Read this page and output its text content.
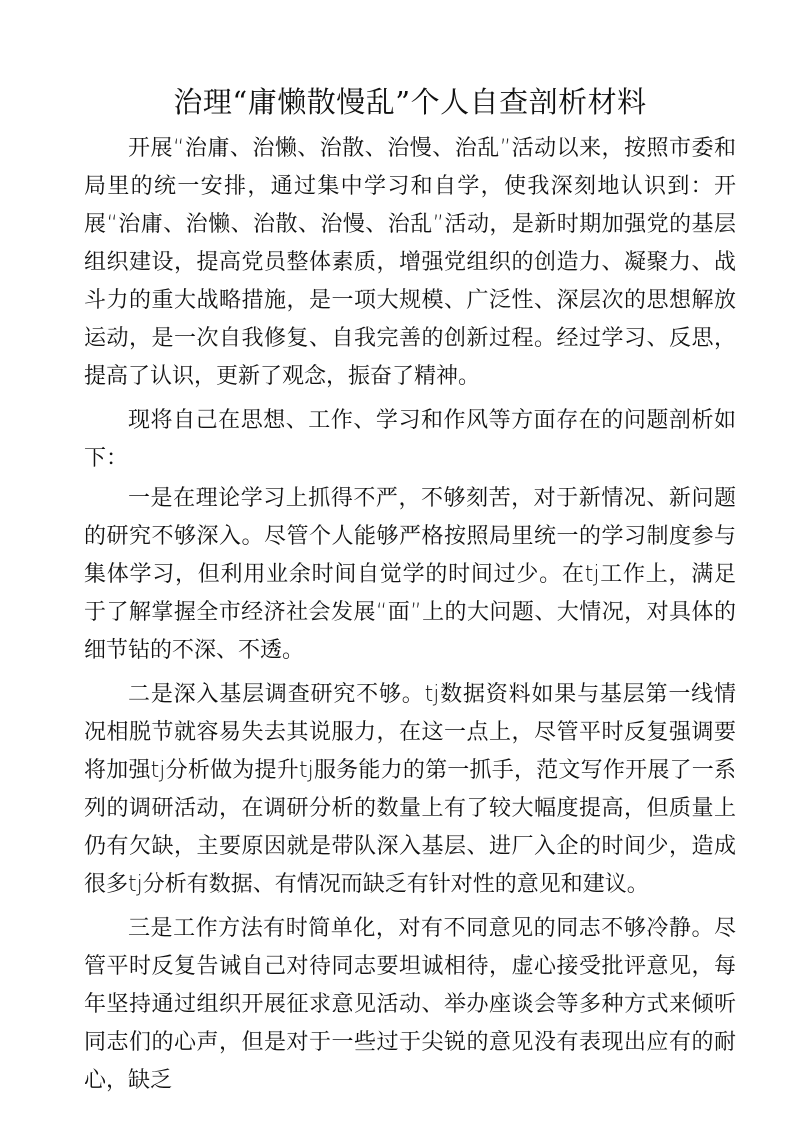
治理“庸懒散慢乱”个人自查剖析材料

开展“治庸、治懒、治散、治慢、治乱”活动以来，按照市委和局里的统一安排，通过集中学习和自学，使我深刻地认识到：开展“治庸、治懒、治散、治慢、治乱”活动，是新时期加强党的基层组织建设，提高党员整体素质，增强党组织的创造力、凝聚力、战斗力的重大战略措施，是一项大规模、广泛性、深层次的思想解放运动，是一次自我修复、自我完善的创新过程。经过学习、反思，提高了认识，更新了观念，振奋了精神。

现将自己在思想、工作、学习和作风等方面存在的问题剖析如下：

一是在理论学习上抓得不严，不够刻苦，对于新情况、新问题的研究不够深入。尽管个人能够严格按照局里统一的学习制度参与集体学习，但利用业余时间自觉学的时间过少。在tj工作上，满足于了解掌握全市经济社会发展“面”上的大问题、大情况，对具体的细节钻的不深、不透。

二是深入基层调查研究不够。tj数据资料如果与基层第一线情况相脱节就容易失去其说服力，在这一点上，尽管平时反复强调要将加强tj分析做为提升tj服务能力的第一抓手，范文写作开展了一系列的调研活动，在调研分析的数量上有了较大幅度提高，但质量上仍有欠缺，主要原因就是带队深入基层、进厂入企的时间少，造成很多tj分析有数据、有情况而缺乏有针对性的意见和建议。

三是工作方法有时简单化，对有不同意见的同志不够冷静。尽管平时反复告诫自己对待同志要坦诚相待，虚心接受批评意见，每年坚持通过组织开展征求意见活动、举办座谈会等多种方式来倾听同志们的心声，但是对于一些过于尖锐的意见没有表现出应有的耐心，缺乏
